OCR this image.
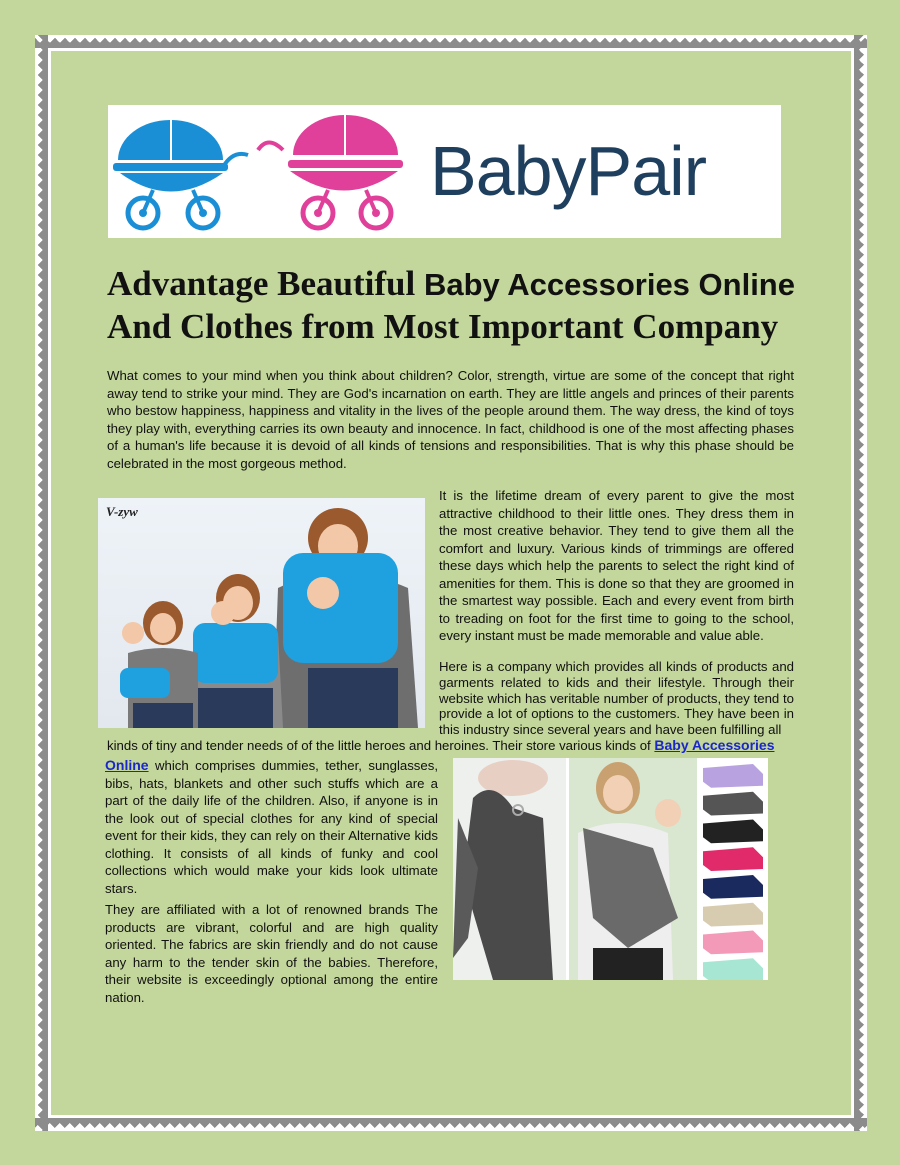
BabyPair
Advantage Beautiful Baby Accessories Online
And Clothes from Most Important Company

What comes to your mind when you think about children? Color, strength, virtue are some of the concept that right away tend to strike your mind. They are God's incarnation on earth. They are little angels and princes of their parents who bestow happiness, happiness and vitality in the lives of the people around them. The way dress, the kind of toys they play with, everything carries its own beauty and innocence. In fact, childhood is one of the most affecting phases of a human's life because it is devoid of all kinds of tensions and responsibilities. That is why this phase should be celebrated in the most gorgeous method.

V-zyw

It is the lifetime dream of every parent to give the most attractive childhood to their little ones. They dress them in the most creative behavior. They tend to give them all the comfort and luxury. Various kinds of trimmings are offered these days which help the parents to select the right kind of amenities for them. This is done so that they are groomed in the smartest way possible. Each and every event from birth to treading on foot for the first time to going to the school, every instant must be made memorable and value able.

Here is a company which provides all kinds of products and garments related to kids and their lifestyle. Through their website which has veritable number of products, they tend to provide a lot of options to the customers. They have been in this industry since several years and have been fulfilling all

kinds of tiny and tender needs of of the little heroes and heroines. Their store various kinds of Baby Accessories

Online which comprises dummies, tether, sunglasses, bibs, hats, blankets and other such stuffs which are a part of the daily life of the children. Also, if anyone is in the look out of special clothes for any kind of special event for their kids, they can rely on their Alternative kids clothing. It consists of all kinds of funky and cool collections which would make your kids look ultimate stars.

They are affiliated with a lot of renowned brands The products are vibrant, colorful and are high quality oriented. The fabrics are skin friendly and do not cause any harm to the tender skin of the babies. Therefore, their website is exceedingly optional among the entire nation.
